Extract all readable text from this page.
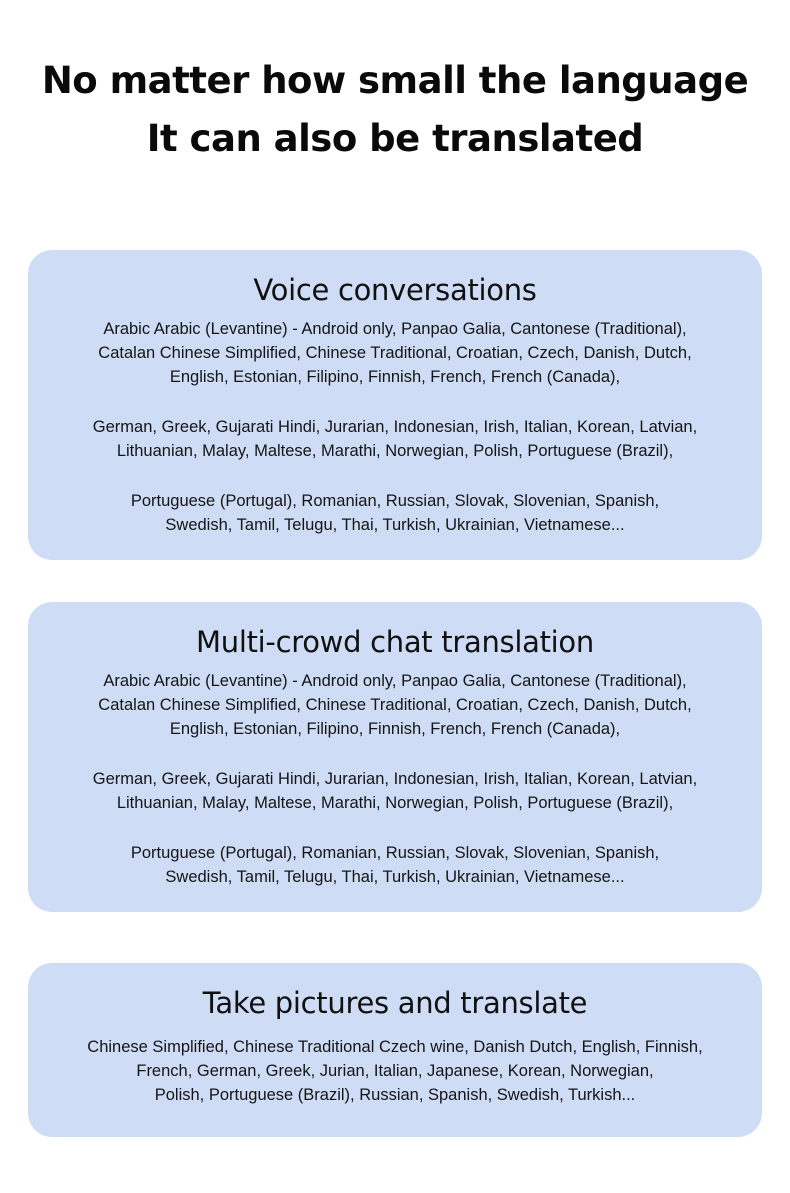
No matter how small the language
It can also be translated
Voice conversations
Arabic Arabic (Levantine) - Android only, Panpao Galia, Cantonese (Traditional),
Catalan Chinese Simplified, Chinese Traditional, Croatian, Czech, Danish, Dutch,
English, Estonian, Filipino, Finnish, French, French (Canada),
German, Greek, Gujarati Hindi, Jurarian, Indonesian, Irish, Italian, Korean, Latvian,
Lithuanian, Malay, Maltese, Marathi, Norwegian, Polish, Portuguese (Brazil),
Portuguese (Portugal), Romanian, Russian, Slovak, Slovenian, Spanish,
Swedish, Tamil, Telugu, Thai, Turkish, Ukrainian, Vietnamese...
Multi-crowd chat translation
Arabic Arabic (Levantine) - Android only, Panpao Galia, Cantonese (Traditional),
Catalan Chinese Simplified, Chinese Traditional, Croatian, Czech, Danish, Dutch,
English, Estonian, Filipino, Finnish, French, French (Canada),
German, Greek, Gujarati Hindi, Jurarian, Indonesian, Irish, Italian, Korean, Latvian,
Lithuanian, Malay, Maltese, Marathi, Norwegian, Polish, Portuguese (Brazil),
Portuguese (Portugal), Romanian, Russian, Slovak, Slovenian, Spanish,
Swedish, Tamil, Telugu, Thai, Turkish, Ukrainian, Vietnamese...
Take pictures and translate
Chinese Simplified, Chinese Traditional Czech wine, Danish Dutch, English, Finnish,
French, German, Greek, Jurian, Italian, Japanese, Korean, Norwegian,
Polish, Portuguese (Brazil), Russian, Spanish, Swedish, Turkish...
